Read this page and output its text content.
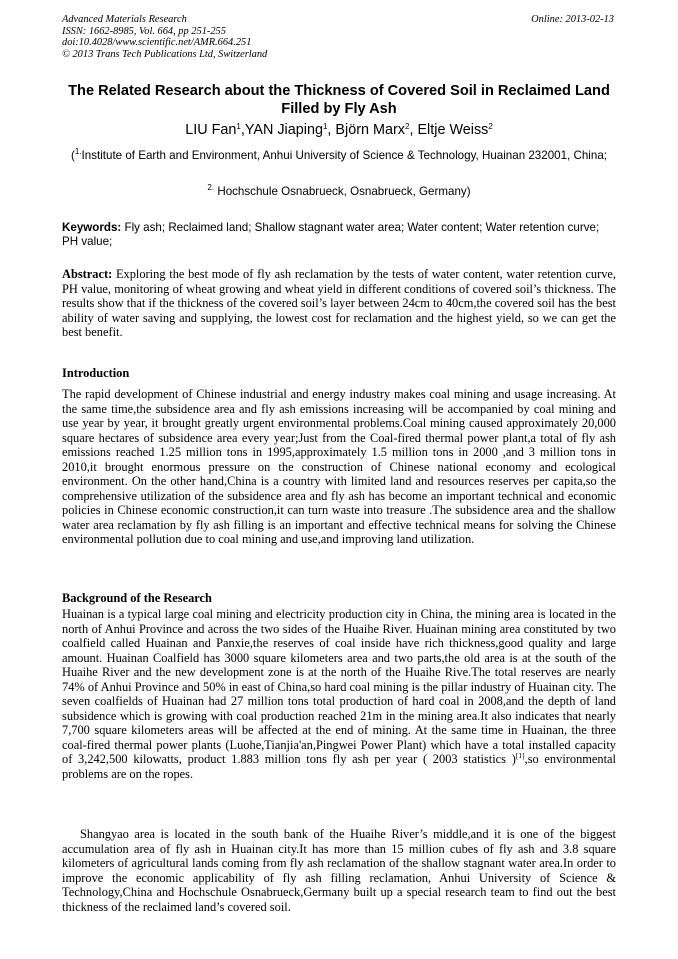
Advanced Materials Research
ISSN: 1662-8985, Vol. 664, pp 251-255
doi:10.4028/www.scientific.net/AMR.664.251
© 2013 Trans Tech Publications Ltd, Switzerland
Online: 2013-02-13
The Related Research about the Thickness of Covered Soil in Reclaimed Land Filled by Fly Ash
LIU Fan$^1$,YAN Jiaping$^1$, Björn Marx$^2$, Eltje Weiss$^2$
($^{1.}$Institute of Earth and Environment, Anhui University of Science & Technology, Huainan 232001, China;
$^{2.}$ Hochschule Osnabrueck, Osnabrueck, Germany)
Keywords: Fly ash; Reclaimed land; Shallow stagnant water area; Water content; Water retention curve; PH value;
Abstract: Exploring the best mode of fly ash reclamation by the tests of water content, water retention curve, PH value, monitoring of wheat growing and wheat yield in different conditions of covered soil’s thickness. The results show that if the thickness of the covered soil’s layer between 24cm to 40cm,the covered soil has the best ability of water saving and supplying, the lowest cost for reclamation and the highest yield, so we can get the best benefit.
Introduction
The rapid development of Chinese industrial and energy industry makes coal mining and usage increasing. At the same time,the subsidence area and fly ash emissions increasing will be accompanied by coal mining and use year by year, it brought greatly urgent environmental problems.Coal mining caused approximately 20,000 square hectares of subsidence area every year;Just from the Coal-fired thermal power plant,a total of fly ash emissions reached 1.25 million tons in 1995,approximately 1.5 million tons in 2000 ,and 3 million tons in 2010,it brought enormous pressure on the construction of Chinese national economy and ecological environment. On the other hand,China is a country with limited land and resources reserves per capita,so the comprehensive utilization of the subsidence area and fly ash has become an important technical and economic policies in Chinese economic construction,it can turn waste into treasure .The subsidence area and the shallow water area reclamation by fly ash filling is an important and effective technical means for solving the Chinese environmental pollution due to coal mining and use,and improving land utilization.
Background of the Research
Huainan is a typical large coal mining and electricity production city in China, the mining area is located in the north of Anhui Province and across the two sides of the Huaihe River. Huainan mining area constituted by two coalfield called Huainan and Panxie,the reserves of coal inside have rich thickness,good quality and large amount. Huainan Coalfield has 3000 square kilometers area and two parts,the old area is at the south of the Huaihe River and the new development zone is at the north of the Huaihe Rive.The total reserves are nearly 74% of Anhui Province and 50% in east of China,so hard coal mining is the pillar industry of Huainan city. The seven coalfields of Huainan had 27 million tons total production of hard coal in 2008,and the depth of land subsidence which is growing with coal production reached 21m in the mining area.It also indicates that nearly 7,700 square kilometers areas will be affected at the end of mining. At the same time in Huainan, the three coal-fired thermal power plants (Luohe,Tianjia'an,Pingwei Power Plant) which have a total installed capacity of 3,242,500 kilowatts, product 1.883 million tons fly ash per year ( 2003 statistics )[1],so environmental problems are on the ropes.
Shangyao area is located in the south bank of the Huaihe River’s middle,and it is one of the biggest accumulation area of fly ash in Huainan city.It has more than 15 million cubes of fly ash and 3.8 square kilometers of agricultural lands coming from fly ash reclamation of the shallow stagnant water area.In order to improve the economic applicability of fly ash filling reclamation, Anhui University of Science & Technology,China and Hochschule Osnabrueck,Germany built up a special research team to find out the best thickness of the reclaimed land’s covered soil.
